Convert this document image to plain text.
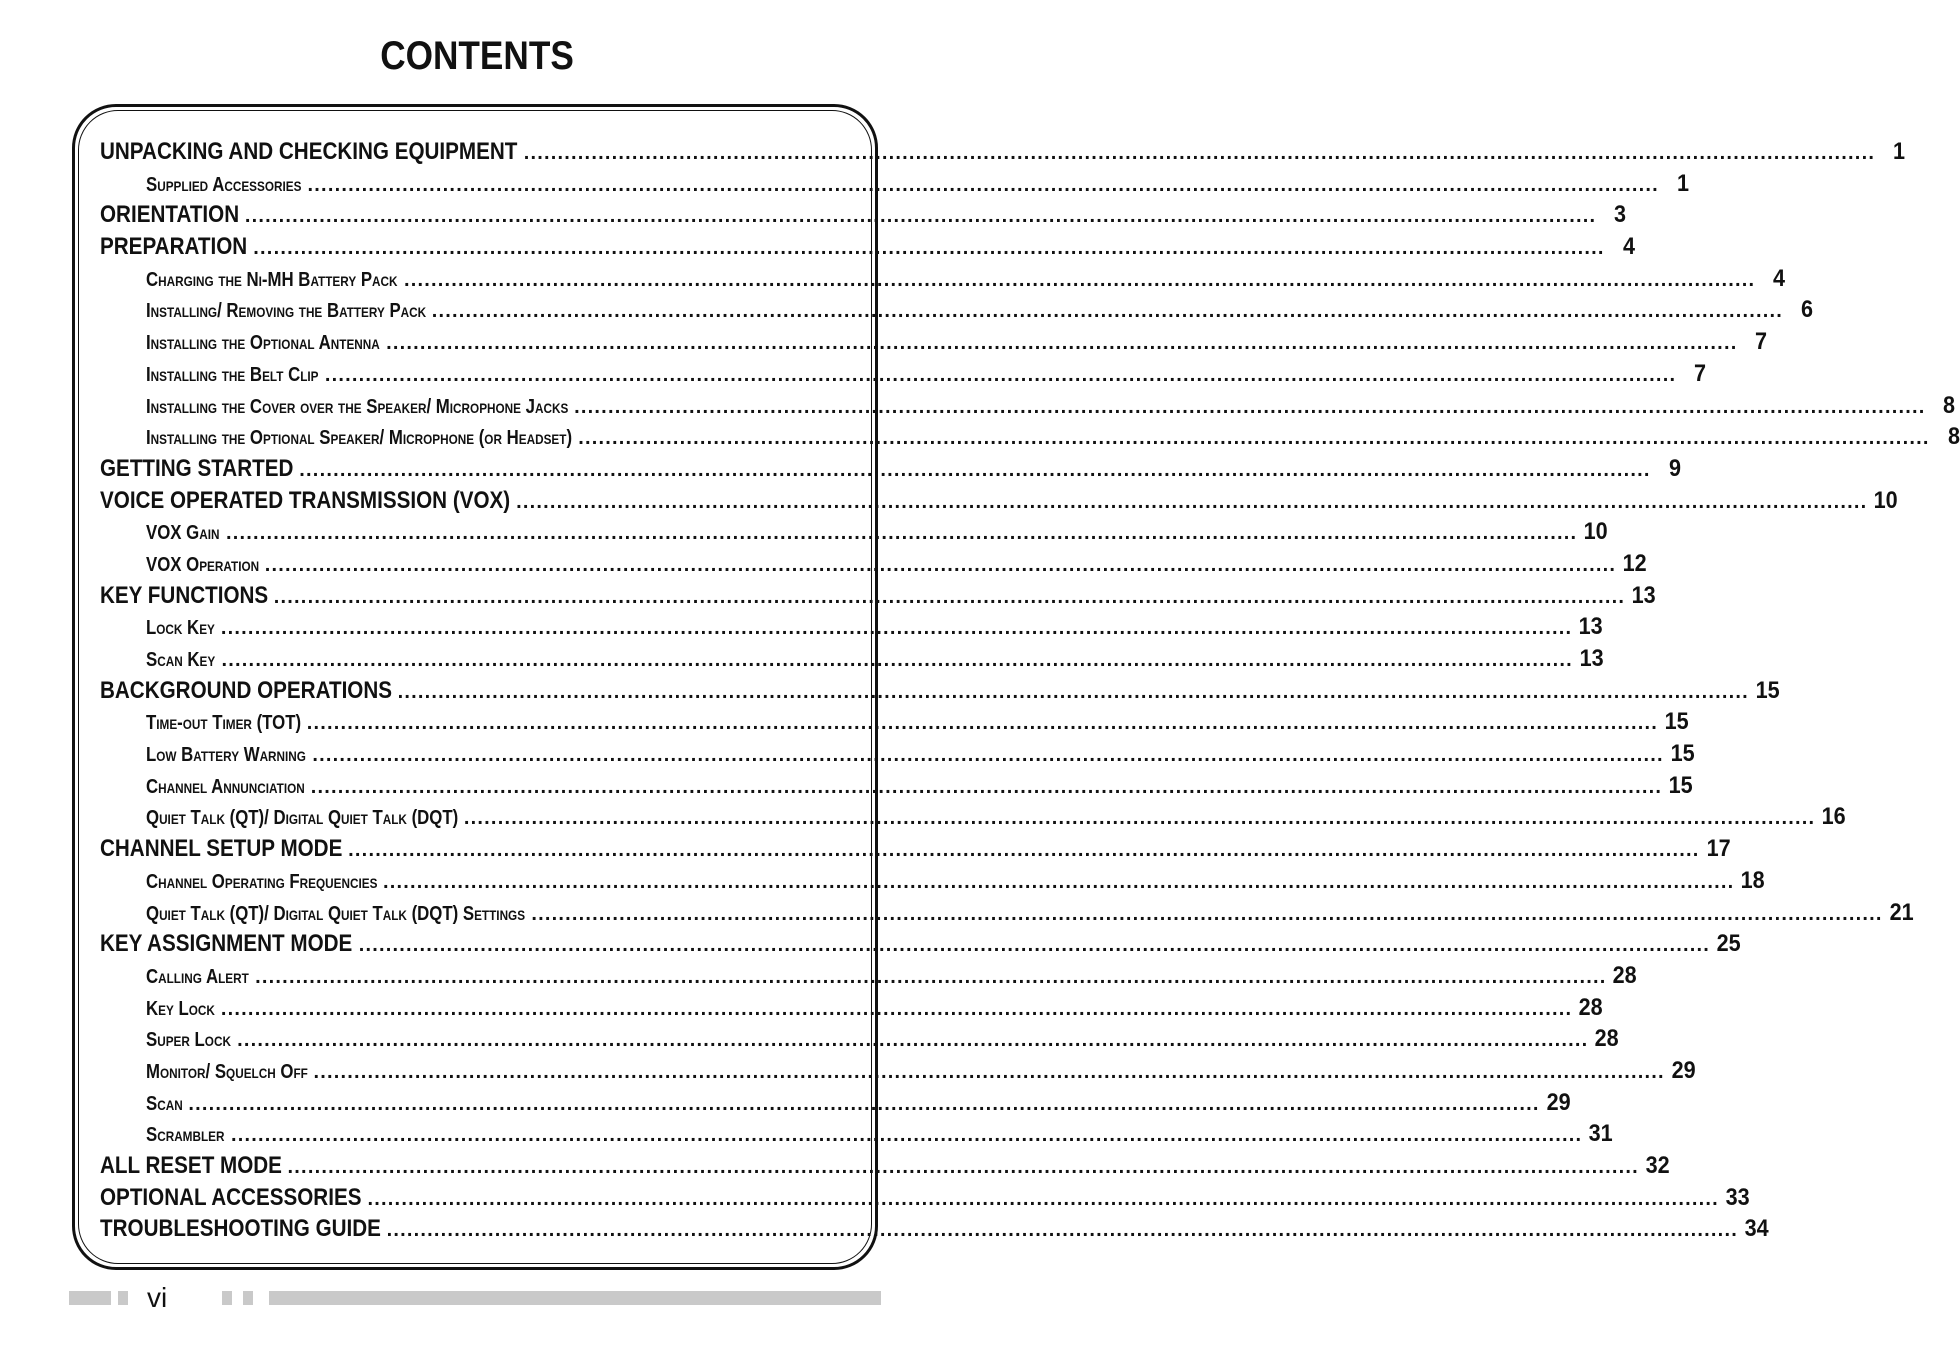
CONTENTS
UNPACKING AND CHECKING EQUIPMENT ........................................................................................................................................................................................................ 1
Supplied Accessories ........................................................................................................................................................................................................ 1
ORIENTATION ........................................................................................................................................................................................................ 3
PREPARATION ........................................................................................................................................................................................................ 4
Charging the Ni-MH Battery Pack ........................................................................................................................................................................................................ 4
Installing/ Removing the Battery Pack ........................................................................................................................................................................................................ 6
Installing the Optional Antenna ........................................................................................................................................................................................................ 7
Installing the Belt Clip ........................................................................................................................................................................................................ 7
Installing the Cover over the Speaker/ Microphone Jacks ........................................................................................................................................................................................................ 8
Installing the Optional Speaker/ Microphone (or Headset) ........................................................................................................................................................................................................ 8
GETTING STARTED ........................................................................................................................................................................................................ 9
VOICE OPERATED TRANSMISSION (VOX) ........................................................................................................................................................................................................ 10
VOX Gain ........................................................................................................................................................................................................ 10
VOX Operation ........................................................................................................................................................................................................ 12
KEY FUNCTIONS ........................................................................................................................................................................................................ 13
Lock Key ........................................................................................................................................................................................................ 13
Scan Key ........................................................................................................................................................................................................ 13
BACKGROUND OPERATIONS ........................................................................................................................................................................................................ 15
Time-out Timer (TOT) ........................................................................................................................................................................................................ 15
Low Battery Warning ........................................................................................................................................................................................................ 15
Channel Annunciation ........................................................................................................................................................................................................ 15
Quiet Talk (QT)/ Digital Quiet Talk (DQT) ........................................................................................................................................................................................................ 16
CHANNEL SETUP MODE ........................................................................................................................................................................................................ 17
Channel Operating Frequencies ........................................................................................................................................................................................................ 18
Quiet Talk (QT)/ Digital Quiet Talk (DQT) Settings ........................................................................................................................................................................................................ 21
KEY ASSIGNMENT MODE ........................................................................................................................................................................................................ 25
Calling Alert ........................................................................................................................................................................................................ 28
Key Lock ........................................................................................................................................................................................................ 28
Super Lock ........................................................................................................................................................................................................ 28
Monitor/ Squelch Off ........................................................................................................................................................................................................ 29
Scan ........................................................................................................................................................................................................ 29
Scrambler ........................................................................................................................................................................................................ 31
ALL RESET MODE ........................................................................................................................................................................................................ 32
OPTIONAL ACCESSORIES ........................................................................................................................................................................................................ 33
TROUBLESHOOTING GUIDE ........................................................................................................................................................................................................ 34
vi
